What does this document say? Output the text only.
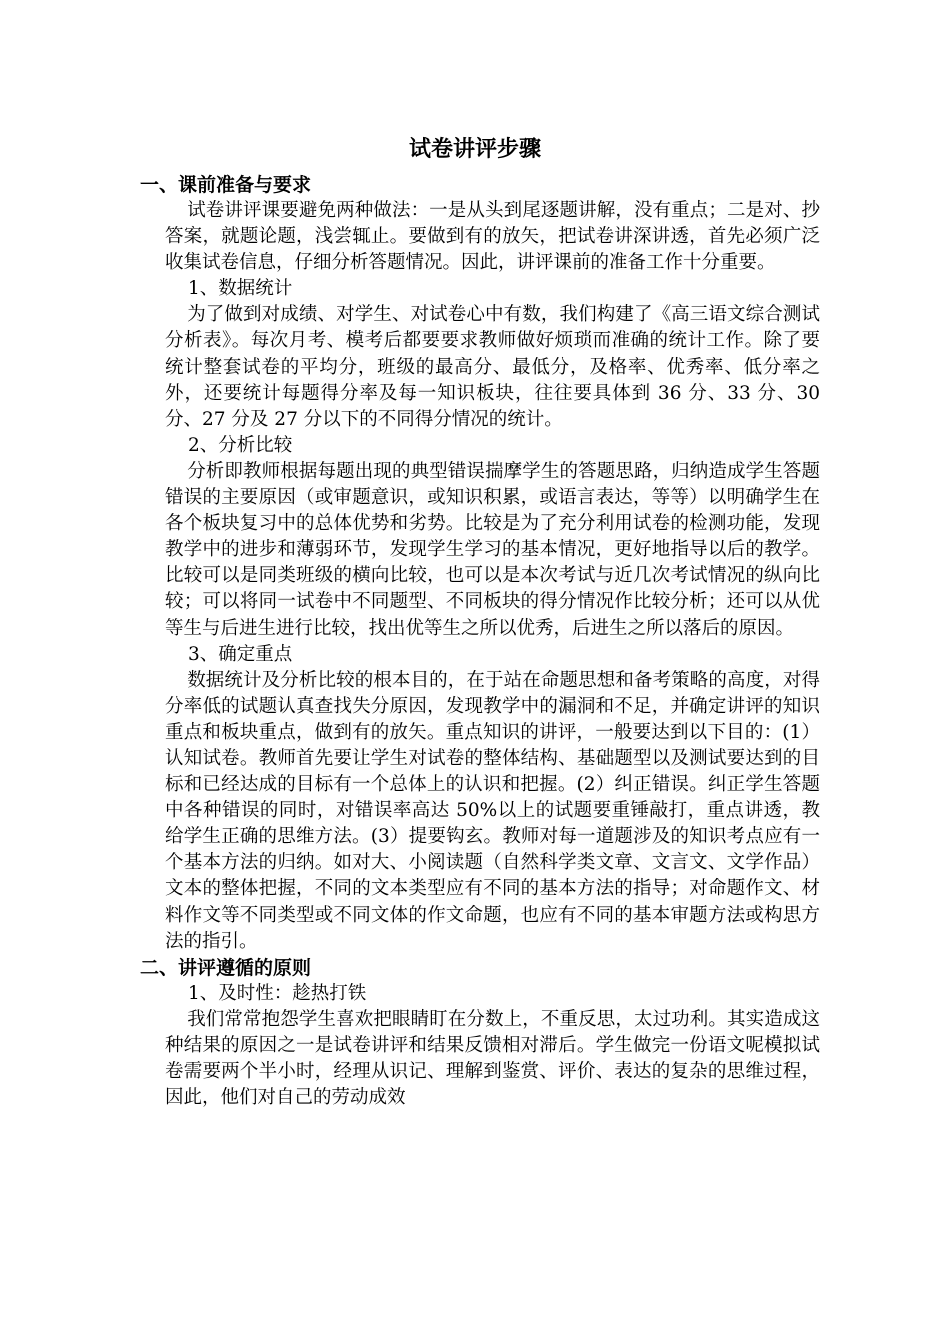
试卷讲评步骤
一、课前准备与要求

试卷讲评课要避免两种做法：一是从头到尾逐题讲解，没有重点；二是对、抄答案，就题论题，浅尝辄止。要做到有的放矢，把试卷讲深讲透，首先必须广泛收集试卷信息，仔细分析答题情况。因此，讲评课前的准备工作十分重要。

1、数据统计

为了做到对成绩、对学生、对试卷心中有数，我们构建了《高三语文综合测试分析表》。每次月考、模考后都要要求教师做好烦琐而准确的统计工作。除了要统计整套试卷的平均分，班级的最高分、最低分，及格率、优秀率、低分率之外，还要统计每题得分率及每一知识板块，往往要具体到 36 分、33 分、30 分、27 分及 27 分以下的不同得分情况的统计。

2、分析比较

分析即教师根据每题出现的典型错误揣摩学生的答题思路，归纳造成学生答题错误的主要原因（或审题意识，或知识积累，或语言表达，等等）以明确学生在各个板块复习中的总体优势和劣势。比较是为了充分利用试卷的检测功能，发现教学中的进步和薄弱环节，发现学生学习的基本情况，更好地指导以后的教学。比较可以是同类班级的横向比较，也可以是本次考试与近几次考试情况的纵向比较；可以将同一试卷中不同题型、不同板块的得分情况作比较分析；还可以从优等生与后进生进行比较，找出优等生之所以优秀，后进生之所以落后的原因。

3、确定重点

数据统计及分析比较的根本目的，在于站在命题思想和备考策略的高度，对得分率低的试题认真查找失分原因，发现教学中的漏洞和不足，并确定讲评的知识重点和板块重点，做到有的放矢。重点知识的讲评，一般要达到以下目的：(1）认知试卷。教师首先要让学生对试卷的整体结构、基础题型以及测试要达到的目标和已经达成的目标有一个总体上的认识和把握。(2）纠正错误。纠正学生答题中各种错误的同时，对错误率高达 50%以上的试题要重锤敲打，重点讲透，教给学生正确的思维方法。(3）提要钩玄。教师对每一道题涉及的知识考点应有一个基本方法的归纳。如对大、小阅读题（自然科学类文章、文言文、文学作品）文本的整体把握，不同的文本类型应有不同的基本方法的指导；对命题作文、材料作文等不同类型或不同文体的作文命题，也应有不同的基本审题方法或构思方法的指引。

二、讲评遵循的原则

1、及时性：趁热打铁

我们常常抱怨学生喜欢把眼睛盯在分数上，不重反思，太过功利。其实造成这种结果的原因之一是试卷讲评和结果反馈相对滞后。学生做完一份语文呢模拟试卷需要两个半小时，经理从识记、理解到鉴赏、评价、表达的复杂的思维过程，因此，他们对自己的劳动成效
